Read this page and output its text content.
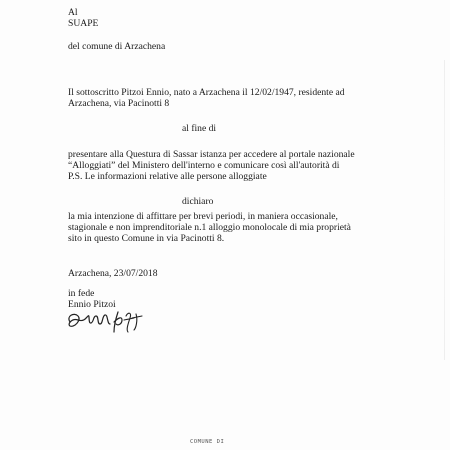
Al
SUAPE
del comune di Arzachena
Il sottoscritto Pitzoi Ennio, nato a Arzachena il 12/02/1947, residente ad
Arzachena, via Pacinotti 8
al fine di
presentare alla Questura di Sassar istanza per accedere al portale nazionale
“Alloggiati” del Ministero dell'interno e comunicare così all'autorità di
P.S. Le informazioni relative alle persone alloggiate
dichiaro
la mia intenzione di affittare per brevi periodi, in maniera occasionale,
stagionale e non imprenditoriale n.1 alloggio monolocale di mia proprietà
sito in questo Comune in via Pacinotti 8.
Arzachena, 23/07/2018
in fede
Ennio Pitzoi
COMUNE DI
